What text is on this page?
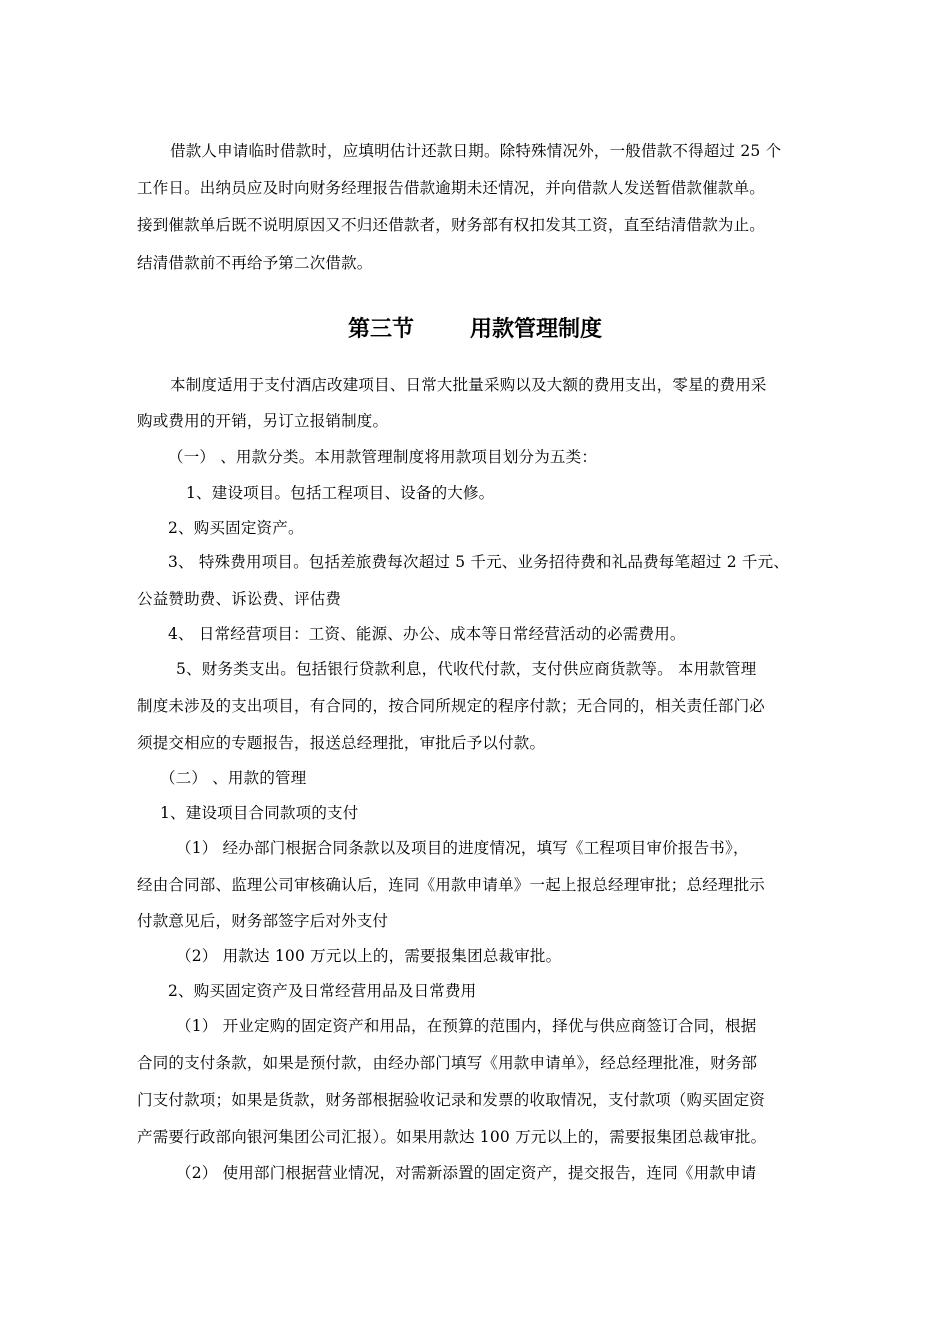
借款人申请临时借款时，应填明估计还款日期。除特殊情况外，一般借款不得超过 25 个
工作日。出纳员应及时向财务经理报告借款逾期未还情况，并向借款人发送暂借款催款单。
接到催款单后既不说明原因又不归还借款者，财务部有权扣发其工资，直至结清借款为止。
结清借款前不再给予第二次借款。
第三节	用款管理制度
本制度适用于支付酒店改建项目、日常大批量采购以及大额的费用支出，零星的费用采
购或费用的开销，另订立报销制度。
（一） 、用款分类。本用款管理制度将用款项目划分为五类：
1、建设项目。包括工程项目、设备的大修。
2、购买固定资产。
3、 特殊费用项目。包括差旅费每次超过 5 千元、业务招待费和礼品费每笔超过 2 千元、
公益赞助费、诉讼费、评估费
4、 日常经营项目：工资、能源、办公、成本等日常经营活动的必需费用。
5、财务类支出。包括银行贷款利息，代收代付款，支付供应商货款等。 本用款管理
制度未涉及的支出项目，有合同的，按合同所规定的程序付款；无合同的，相关责任部门必
须提交相应的专题报告，报送总经理批，审批后予以付款。
（二） 、用款的管理
1、建设项目合同款项的支付
（1） 经办部门根据合同条款以及项目的进度情况，填写《工程项目审价报告书》，
经由合同部、监理公司审核确认后，连同《用款申请单》一起上报总经理审批；总经理批示
付款意见后，财务部签字后对外支付
（2） 用款达 100 万元以上的，需要报集团总裁审批。
2、购买固定资产及日常经营用品及日常费用
（1） 开业定购的固定资产和用品，在预算的范围内，择优与供应商签订合同，根据
合同的支付条款，如果是预付款，由经办部门填写《用款申请单》，经总经理批准，财务部
门支付款项；如果是货款，财务部根据验收记录和发票的收取情况，支付款项（购买固定资
产需要行政部向银河集团公司汇报）。如果用款达 100 万元以上的，需要报集团总裁审批。
（2） 使用部门根据营业情况，对需新添置的固定资产，提交报告，连同《用款申请
